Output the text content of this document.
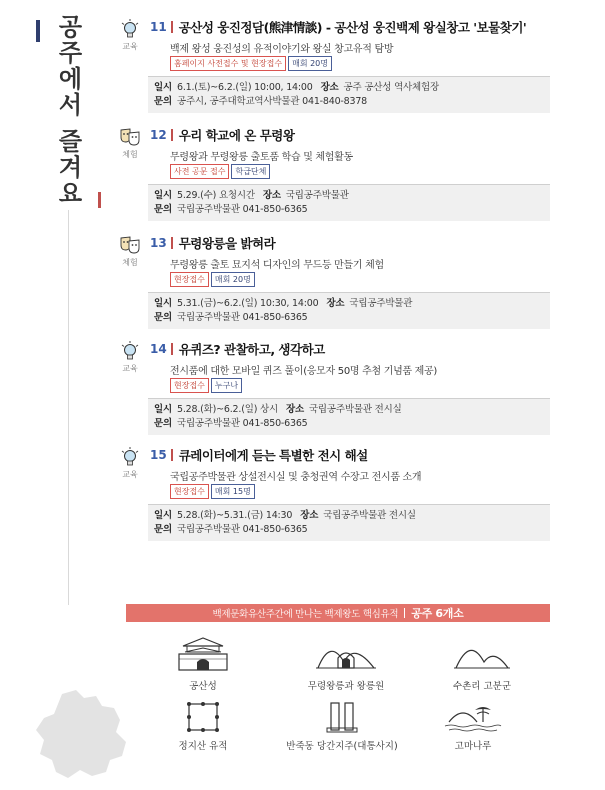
공주에서 즐겨요	교육
11 공산성 웅진정담(熊津情談) - 공산성 웅진백제 왕실창고 '보물찾기'
백제 왕성 웅진성의 유적이야기와 왕실 창고유적 탐방
홈페이지 사전접수 및 현장접수	매회 20명
일시 6.1.(토)~6.2.(일) 10:00, 14:00 장소 공주 공산성 역사체험장
문의 공주시, 공주대학교역사박물관 041-840-8378
체험
12 우리 학교에 온 무령왕
무령왕과 무령왕릉 출토품 학습 및 체험활동
사전 공문 접수	학급단체
일시 5.29.(수) 요청시간 장소 국립공주박물관
문의 국립공주박물관 041-850-6365
체험
13 무령왕릉을 밝혀라
무령왕릉 출토 묘지석 디자인의 무드등 만들기 체험
현장접수	매회 20명
일시 5.31.(금)~6.2.(일) 10:30, 14:00 장소 국립공주박물관
문의 국립공주박물관 041-850-6365
교육
14 유퀴즈? 관찰하고, 생각하고
전시품에 대한 모바일 퀴즈 풀이(응모자 50명 추첨 기념품 제공)
현장접수	누구나
일시 5.28.(화)~6.2.(일) 상시 장소 국립공주박물관 전시실
문의 국립공주박물관 041-850-6365
교육
15 큐레이터에게 듣는 특별한 전시 해설
국립공주박물관 상설전시실 및 충청권역 수장고 전시품 소개
현장접수	매회 15명
일시 5.28.(화)~5.31.(금) 14:30 장소 국립공주박물관 전시실
문의 국립공주박물관 041-850-6365
백제문화유산주간에 만나는 백제왕도 핵심유적 공주 6개소
공산성	무령왕릉과 왕릉원	수촌리 고분군
정지산 유적	반죽동 당간지주(대통사지)	고마나루
